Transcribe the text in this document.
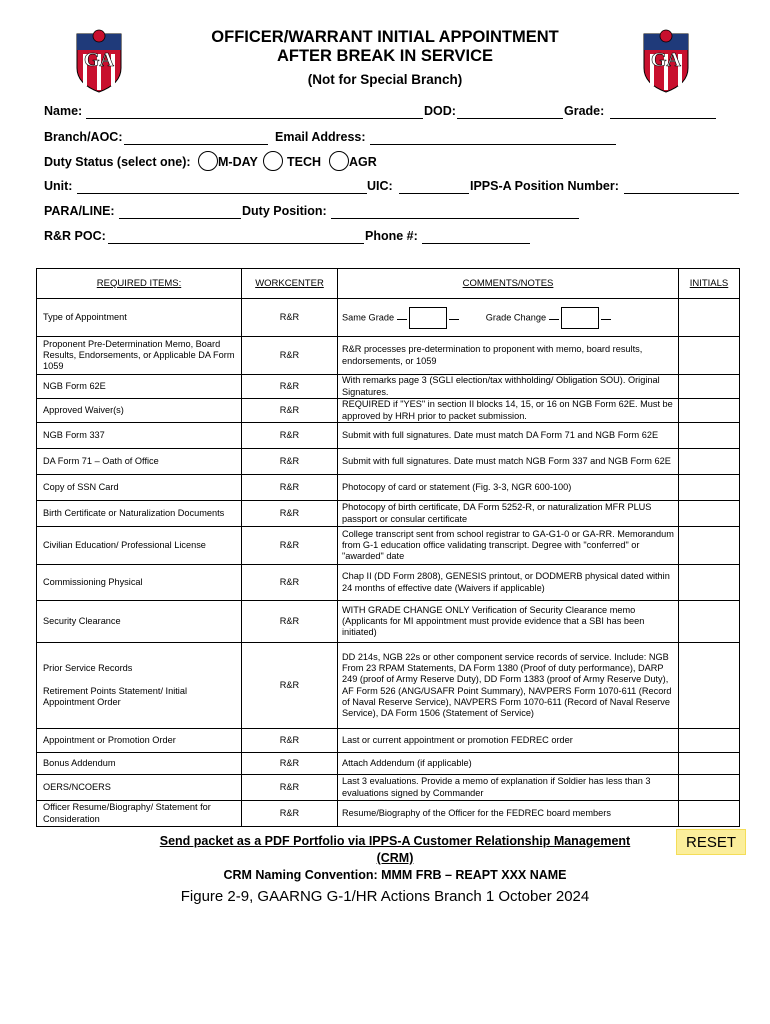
GA	GA
OFFICER/WARRANT INITIAL APPOINTMENT
AFTER BREAK IN SERVICE
(Not for Special Branch)
Name:	DOD:	Grade:
Branch/AOC:	Email Address:
Duty Status (select one): M-DAY TECH AGR
Unit:	UIC:	IPPS-A Position Number:
PARA/LINE:	Duty Position:
R&R POC:	Phone #:
REQUIRED ITEMS:	WORKCENTER	COMMENTS/NOTES	INITIALS
Type of Appointment	R&R	Same Grade Grade Change	
Proponent Pre-Determination Memo, Board Results, Endorsements, or Applicable DA Form 1059	R&R	R&R processes pre-determination to proponent with memo, board results, endorsements, or 1059	
NGB Form 62E	R&R	With remarks page 3 (SGLI election/tax withholding/ Obligation SOU). Original Signatures.	
Approved Waiver(s)	R&R	REQUIRED if "YES" in section II blocks 14, 15, or 16 on NGB Form 62E. Must be approved by HRH prior to packet submission.	
NGB Form 337	R&R	Submit with full signatures. Date must match DA Form 71 and NGB Form 62E	
DA Form 71 – Oath of Office	R&R	Submit with full signatures. Date must match NGB Form 337 and NGB Form 62E	
Copy of SSN Card	R&R	Photocopy of card or statement (Fig. 3-3, NGR 600-100)	
Birth Certificate or Naturalization Documents	R&R	Photocopy of birth certificate, DA Form 5252-R, or naturalization MFR PLUS passport or consular certificate	
Civilian Education/ Professional License	R&R	College transcript sent from school registrar to GA-G1-0 or GA-RR. Memorandum from G-1 education office validating transcript. Degree with "conferred" or "awarded" date	
Commissioning Physical	R&R	Chap II (DD Form 2808), GENESIS printout, or DODMERB physical dated within 24 months of effective date (Waivers if applicable)	
Security Clearance	R&R	WITH GRADE CHANGE ONLY Verification of Security Clearance memo (Applicants for MI appointment must provide evidence that a SBI has been initiated)	

Prior Service Records
Retirement Points Statement/ Initial Appointment Order	R&R	DD 214s, NGB 22s or other component service records of service. Include: NGB From 23 RPAM Statements, DA Form 1380 (Proof of duty performance), DARP 249 (proof of Army Reserve Duty), DD Form 1383 (proof of Army Reserve Duty), AF Form 526 (ANG/USAFR Point Summary), NAVPERS Form 1070-611 (Record of Naval Reserve Service), NAVPERS Form 1070-611 (Record of Naval Reserve Service), DA Form 1506 (Statement of Service)	
Appointment or Promotion Order	R&R	Last or current appointment or promotion FEDREC order	
Bonus Addendum	R&R	Attach Addendum (if applicable)	
OERS/NCOERS	R&R	Last 3 evaluations. Provide a memo of explanation if Soldier has less than 3 evaluations signed by Commander	
Officer Resume/Biography/ Statement for Consideration	R&R	Resume/Biography of the Officer for the FEDREC board members	
Send packet as a PDF Portfolio via IPPS-A Customer Relationship Management (CRM)
CRM Naming Convention: MMM FRB – REAPT XXX NAME
RESET
Figure 2-9, GAARNG G-1/HR Actions Branch 1 October 2024
